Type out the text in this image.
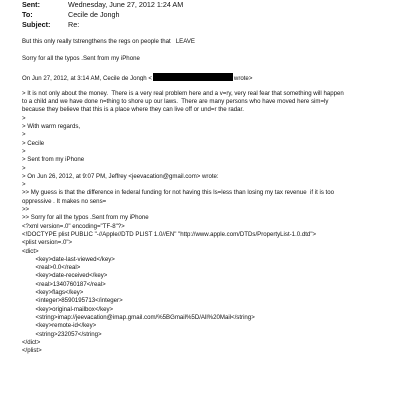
Sent:	Wednesday, June 27, 2012 1:24 AM
To:	Cecile de Jongh
Subject:	Re:
But this only really tstrengthens the regs on people that   LEAVE
Sorry for all the typos .Sent from my iPhone
On Jun 27, 2012, at 3:14 AM, Cecile de Jongh <	wrote>
> It is not only about the money.  There is a very real problem here and a v=ry, very real fear that something will happen
to a child and we have done n=thing to shore up our laws.  There are many persons who have moved here sim=ly
because they believe that this is a place where they can live off or und=r the radar.
>
> With warm regards,
>
> Cecile
>
> Sent from my iPhone
>
> On Jun 26, 2012, at 9:07 PM, Jeffrey <jeevacation@gmail.com> wrote:
>
>> My guess is that the difference in federal funding for not having this ls=less than losing my tax revenue  if it is too
oppressive . It makes no sens=
>>
>> Sorry for all the typos .Sent from my iPhone
<?xml version=.0" encoding="TF-8"?>
<!DOCTYPE plist PUBLIC "-//Apple//DTD PLIST 1.0//EN" "http://www.apple.com/DTDs/PropertyList-1.0.dtd">
<plist version=.0">
<dict>
<key>date-last-viewed</key>
<real>0.0</real>
<key>date-received</key>
<real>1340760187</real>
<key>flags</key>
<integer>8590195713</integer>
<key>original-mailbox</key>
<string>imap://jeevacation@imap.gmail.com/%5BGmail%5D/All%20Mail</string>
<key>remote-id</key>
<string>232057</string>
</dict>
</plist>
